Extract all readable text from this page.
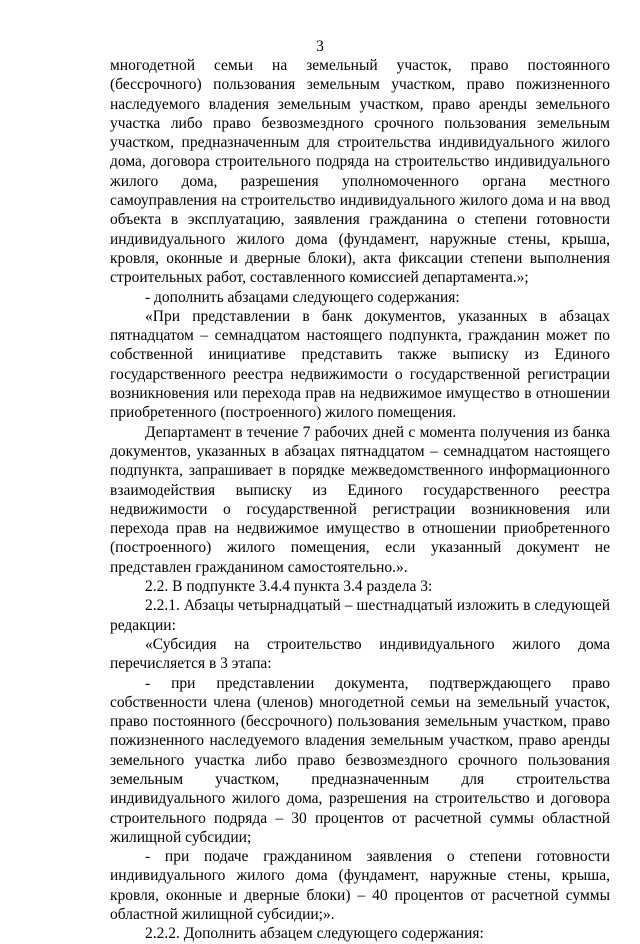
3

многодетной семьи на земельный участок, право постоянного (бессрочного) пользования земельным участком, право пожизненного наследуемого владения земельным участком, право аренды земельного участка либо право безвозмездного срочного пользования земельным участком, предназначенным для строительства индивидуального жилого дома, договора строительного подряда на строительство индивидуального жилого дома, разрешения уполномоченного органа местного самоуправления на строительство индивидуального жилого дома и на ввод объекта в эксплуатацию, заявления гражданина о степени готовности индивидуального жилого дома (фундамент, наружные стены, крыша, кровля, оконные и дверные блоки), акта фиксации степени выполнения строительных работ, составленного комиссией департамента.»;

- дополнить абзацами следующего содержания:

«При представлении в банк документов, указанных в абзацах пятнадцатом – семнадцатом настоящего подпункта, гражданин может по собственной инициативе представить также выписку из Единого государственного реестра недвижимости о государственной регистрации возникновения или перехода прав на недвижимое имущество в отношении приобретенного (построенного) жилого помещения.

Департамент в течение 7 рабочих дней с момента получения из банка документов, указанных в абзацах пятнадцатом – семнадцатом настоящего подпункта, запрашивает в порядке межведомственного информационного взаимодействия выписку из Единого государственного реестра недвижимости о государственной регистрации возникновения или перехода прав на недвижимое имущество в отношении приобретенного (построенного) жилого помещения, если указанный документ не представлен гражданином самостоятельно.».

2.2. В подпункте 3.4.4 пункта 3.4 раздела 3:

2.2.1. Абзацы четырнадцатый – шестнадцатый изложить в следующей редакции:

«Субсидия на строительство индивидуального жилого дома перечисляется в 3 этапа:

- при представлении документа, подтверждающего право собственности члена (членов) многодетной семьи на земельный участок, право постоянного (бессрочного) пользования земельным участком, право пожизненного наследуемого владения земельным участком, право аренды земельного участка либо право безвозмездного срочного пользования земельным участком, предназначенным для строительства индивидуального жилого дома, разрешения на строительство и договора строительного подряда – 30 процентов от расчетной суммы областной жилищной субсидии;

- при подаче гражданином заявления о степени готовности индивидуального жилого дома (фундамент, наружные стены, крыша, кровля, оконные и дверные блоки) – 40 процентов от расчетной суммы областной жилищной субсидии;».

2.2.2. Дополнить абзацем следующего содержания:
